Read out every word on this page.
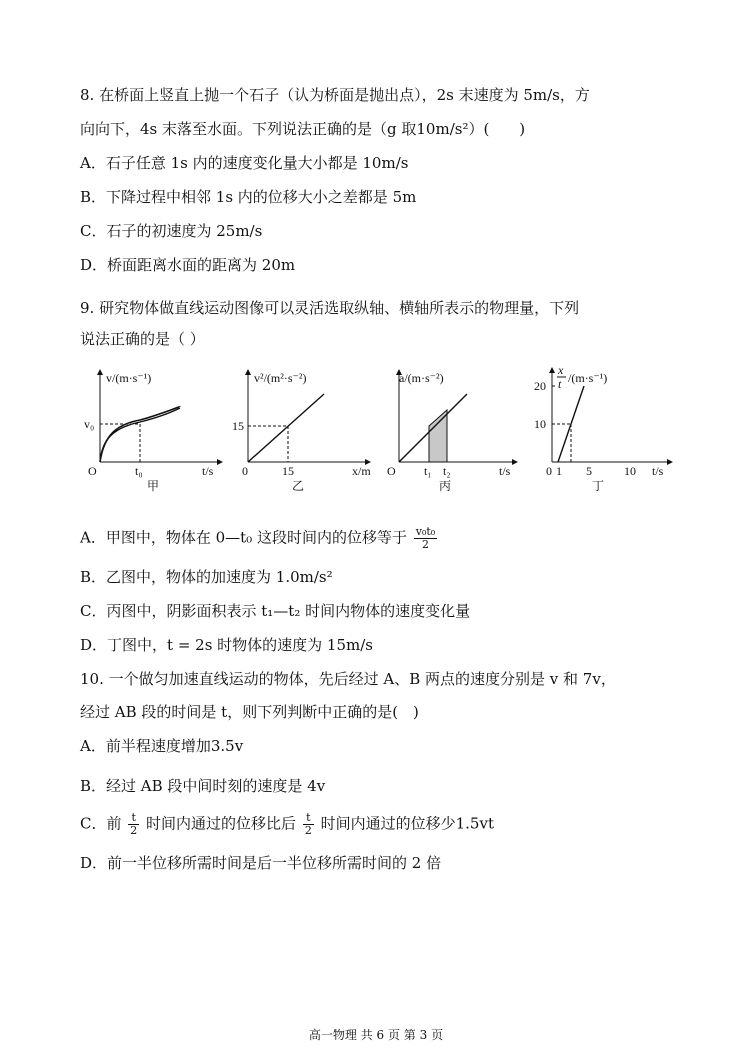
8. 在桥面上竖直上抛一个石子（认为桥面是抛出点），2s 末速度为 5m/s，方
向向下，4s 末落至水面。下列说法正确的是（g 取10m/s²）(　　)
A．石子任意 1s 内的速度变化量大小都是 10m/s
B．下降过程中相邻 1s 内的位移大小之差都是 5m
C．石子的初速度为 25m/s
D．桥面距离水面的距离为 20m
9. 研究物体做直线运动图像可以灵活选取纵轴、横轴所表示的物理量，下列
说法正确的是（ ）
v/(m·s⁻¹)
v₀
O	t₀	t/s
甲
v²/(m²·s⁻²)
15
0	15	x/m
乙
a/(m·s⁻²)
O t₁ t₂	t/s
丙
x
t /(m·s⁻¹)
20
10
0 1 5	10 t/s
丁
A．甲图中，物体在 0—t₀ 这段时间内的位移等于 $\frac{\text{v₀t₀}}{2}$
B．乙图中，物体的加速度为 1.0m/s²
C．丙图中，阴影面积表示 t₁—t₂ 时间内物体的速度变化量
D．丁图中，t = 2s 时物体的速度为 15m/s
10. 一个做匀加速直线运动的物体，先后经过 A、B 两点的速度分别是 v 和 7v，
经过 AB 段的时间是 t，则下列判断中正确的是(　)
A．前半程速度增加3.5v
B．经过 AB 段中间时刻的速度是 4v
C．前 $\frac{t}{2}$ 时间内通过的位移比后 $\frac{t}{2}$ 时间内通过的位移少1.5vt
D．前一半位移所需时间是后一半位移所需时间的 2 倍
高一物理 共 6 页 第 3 页
